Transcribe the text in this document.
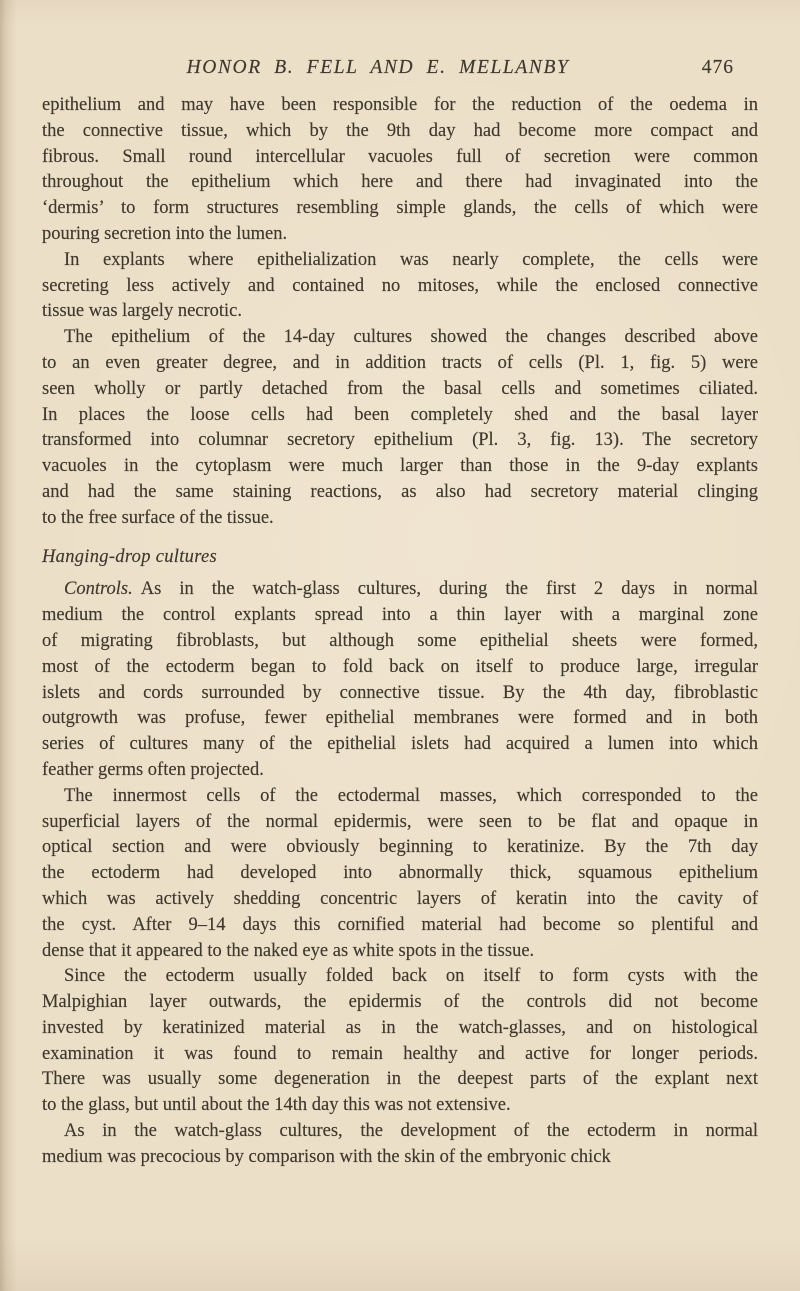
HONOR B. FELL AND E. MELLANBY	476
epithelium and may have been responsible for the reduction of the oedema in
the connective tissue, which by the 9th day had become more compact and
fibrous. Small round intercellular vacuoles full of secretion were common
throughout the epithelium which here and there had invaginated into the
‘dermis’ to form structures resembling simple glands, the cells of which were
pouring secretion into the lumen.
In explants where epithelialization was nearly complete, the cells were
secreting less actively and contained no mitoses, while the enclosed connective
tissue was largely necrotic.
The epithelium of the 14-day cultures showed the changes described above
to an even greater degree, and in addition tracts of cells (Pl. 1, fig. 5) were
seen wholly or partly detached from the basal cells and sometimes ciliated.
In places the loose cells had been completely shed and the basal layer
transformed into columnar secretory epithelium (Pl. 3, fig. 13). The secretory
vacuoles in the cytoplasm were much larger than those in the 9-day explants
and had the same staining reactions, as also had secretory material clinging
to the free surface of the tissue.
Hanging-drop cultures
Controls. As in the watch-glass cultures, during the first 2 days in normal
medium the control explants spread into a thin layer with a marginal zone
of migrating fibroblasts, but although some epithelial sheets were formed,
most of the ectoderm began to fold back on itself to produce large, irregular
islets and cords surrounded by connective tissue. By the 4th day, fibroblastic
outgrowth was profuse, fewer epithelial membranes were formed and in both
series of cultures many of the epithelial islets had acquired a lumen into which
feather germs often projected.
The innermost cells of the ectodermal masses, which corresponded to the
superficial layers of the normal epidermis, were seen to be flat and opaque in
optical section and were obviously beginning to keratinize. By the 7th day
the ectoderm had developed into abnormally thick, squamous epithelium
which was actively shedding concentric layers of keratin into the cavity of
the cyst. After 9–14 days this cornified material had become so plentiful and
dense that it appeared to the naked eye as white spots in the tissue.
Since the ectoderm usually folded back on itself to form cysts with the
Malpighian layer outwards, the epidermis of the controls did not become
invested by keratinized material as in the watch-glasses, and on histological
examination it was found to remain healthy and active for longer periods.
There was usually some degeneration in the deepest parts of the explant next
to the glass, but until about the 14th day this was not extensive.
As in the watch-glass cultures, the development of the ectoderm in normal
medium was precocious by comparison with the skin of the embryonic chick
